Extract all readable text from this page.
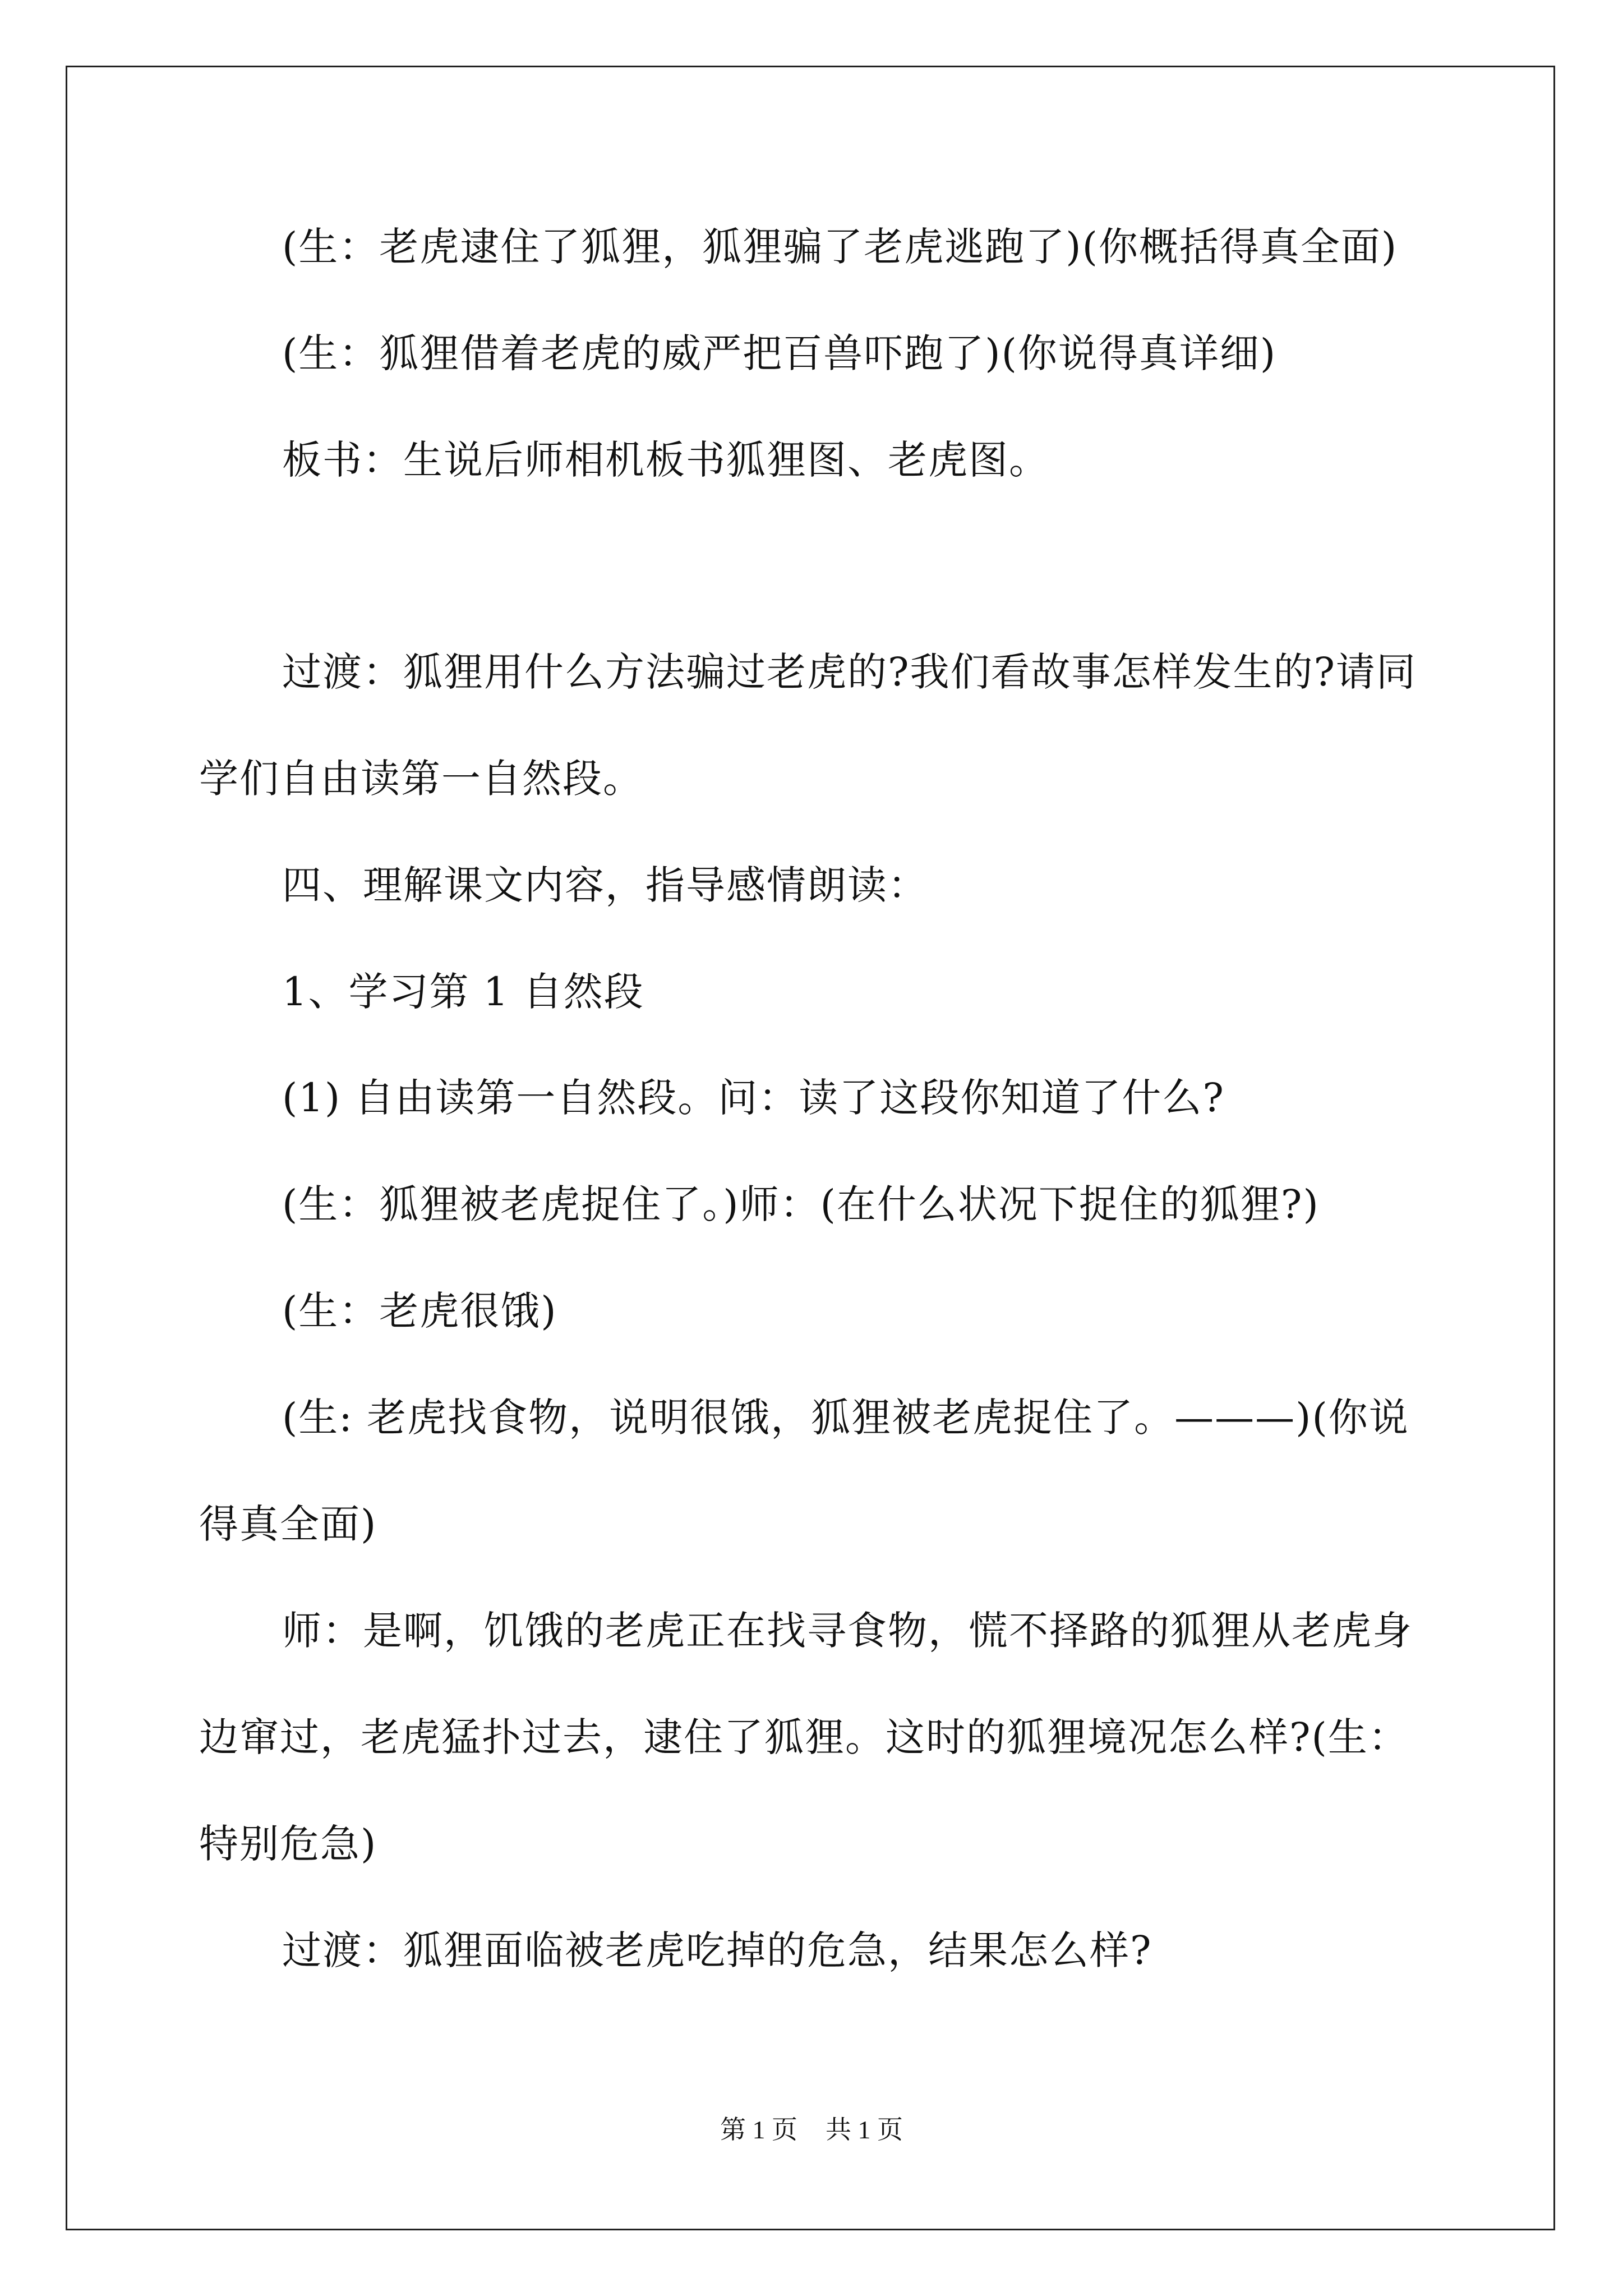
(生：老虎逮住了狐狸，狐狸骗了老虎逃跑了)(你概括得真全面)
(生：狐狸借着老虎的威严把百兽吓跑了)(你说得真详细)
板书：生说后师相机板书狐狸图、老虎图。
过渡：狐狸用什么方法骗过老虎的?我们看故事怎样发生的?请同
学们自由读第一自然段。
四、理解课文内容，指导感情朗读：
1、学习第 1 自然段
(1) 自由读第一自然段。问：读了这段你知道了什么?
(生：狐狸被老虎捉住了。)师：(在什么状况下捉住的狐狸?)
(生：老虎很饿)
(生: 老虎找食物，说明很饿，狐狸被老虎捉住了。———)(你说
得真全面)
师：是啊，饥饿的老虎正在找寻食物，慌不择路的狐狸从老虎身
边窜过，老虎猛扑过去，逮住了狐狸。这时的狐狸境况怎么样?(生：
特别危急)
过渡：狐狸面临被老虎吃掉的危急，结果怎么样?
第 1 页 共 1 页
